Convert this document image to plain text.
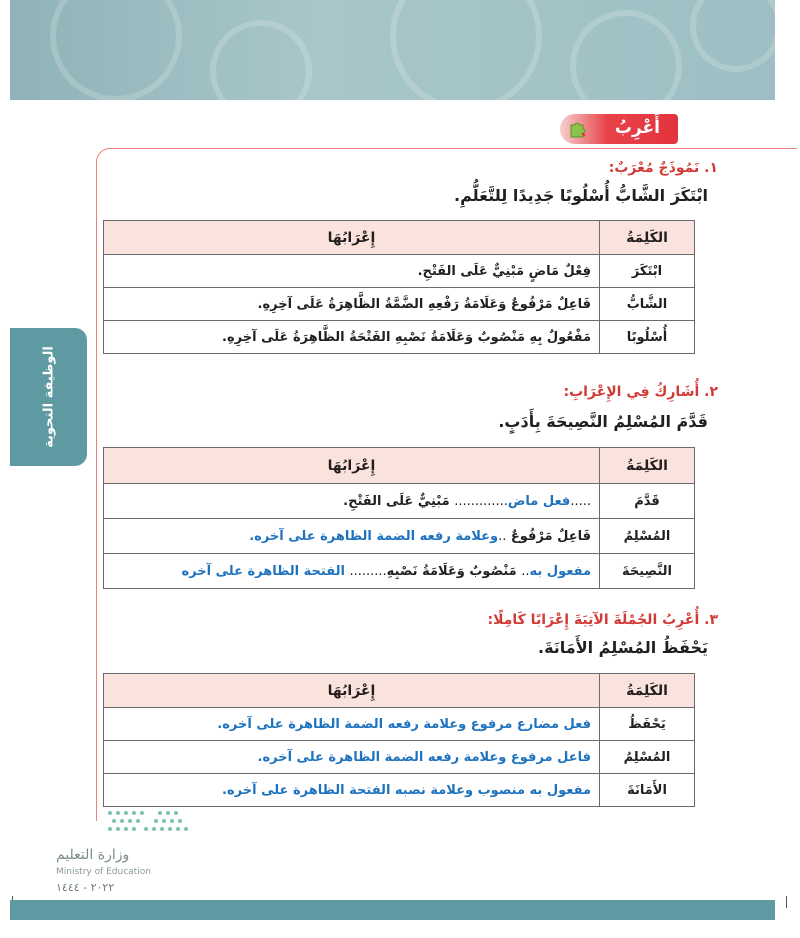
الوظيفة النحوية
أَعْرِبُ
١. نَمُوذَجٌ مُعْرَبٌ:
ابْتَكَرَ الشَّابُّ أُسْلُوبًا جَدِيدًا لِلتَّعَلُّمِ.
الكَلِمَةُ	إِعْرَابُهَا
ابْتَكَرَ	فِعْلٌ مَاضٍ مَبْنِيٌّ عَلَى الفَتْحِ.
الشَّابُّ	فَاعِلٌ مَرْفُوعٌ وَعَلَامَةُ رَفْعِهِ الضَّمَّةُ الظَّاهِرَةُ عَلَى آخِرِهِ.
أُسْلُوبًا	مَفْعُولٌ بِهِ مَنْصُوبٌ وَعَلَامَةُ نَصْبِهِ الفَتْحَةُ الظَّاهِرَةُ عَلَى آخِرِهِ.
٢. أُشَارِكُ فِي الإِعْرَابِ:
قَدَّمَ المُسْلِمُ النَّصِيحَةَ بِأَدَبٍ.
الكَلِمَةُ	إِعْرَابُهَا
قَدَّمَ	.....فعل ماض............. مَبْنِيٌّ عَلَى الفَتْحِ.
المُسْلِمُ	فَاعِلٌ مَرْفُوعٌ ..وعلامة رفعه الضمة الظاهرة على آخره.
النَّصِيحَةَ	مفعول به.. مَنْصُوبٌ وَعَلَامَةُ نَصْبِهِ......... الفتحة الظاهرة على آخره
٣. أُعْرِبُ الجُمْلَةَ الآتِيَةَ إِعْرَابًا كَامِلًا:
يَحْفَظُ المُسْلِمُ الأَمَانَةَ.
الكَلِمَةُ	إِعْرَابُهَا
يَحْفَظُ	فعل مضارع مرفوع وعلامة رفعه الضمة الظاهرة على آخره.
المُسْلِمُ	فاعل مرفوع وعلامة رفعه الضمة الظاهرة على آخره.
الأَمَانَةَ	مفعول به منصوب وعلامة نصبه الفتحة الظاهرة على آخره.
وزارة التعليم
Ministry of Education
٢٠٢٢ - ١٤٤٤
